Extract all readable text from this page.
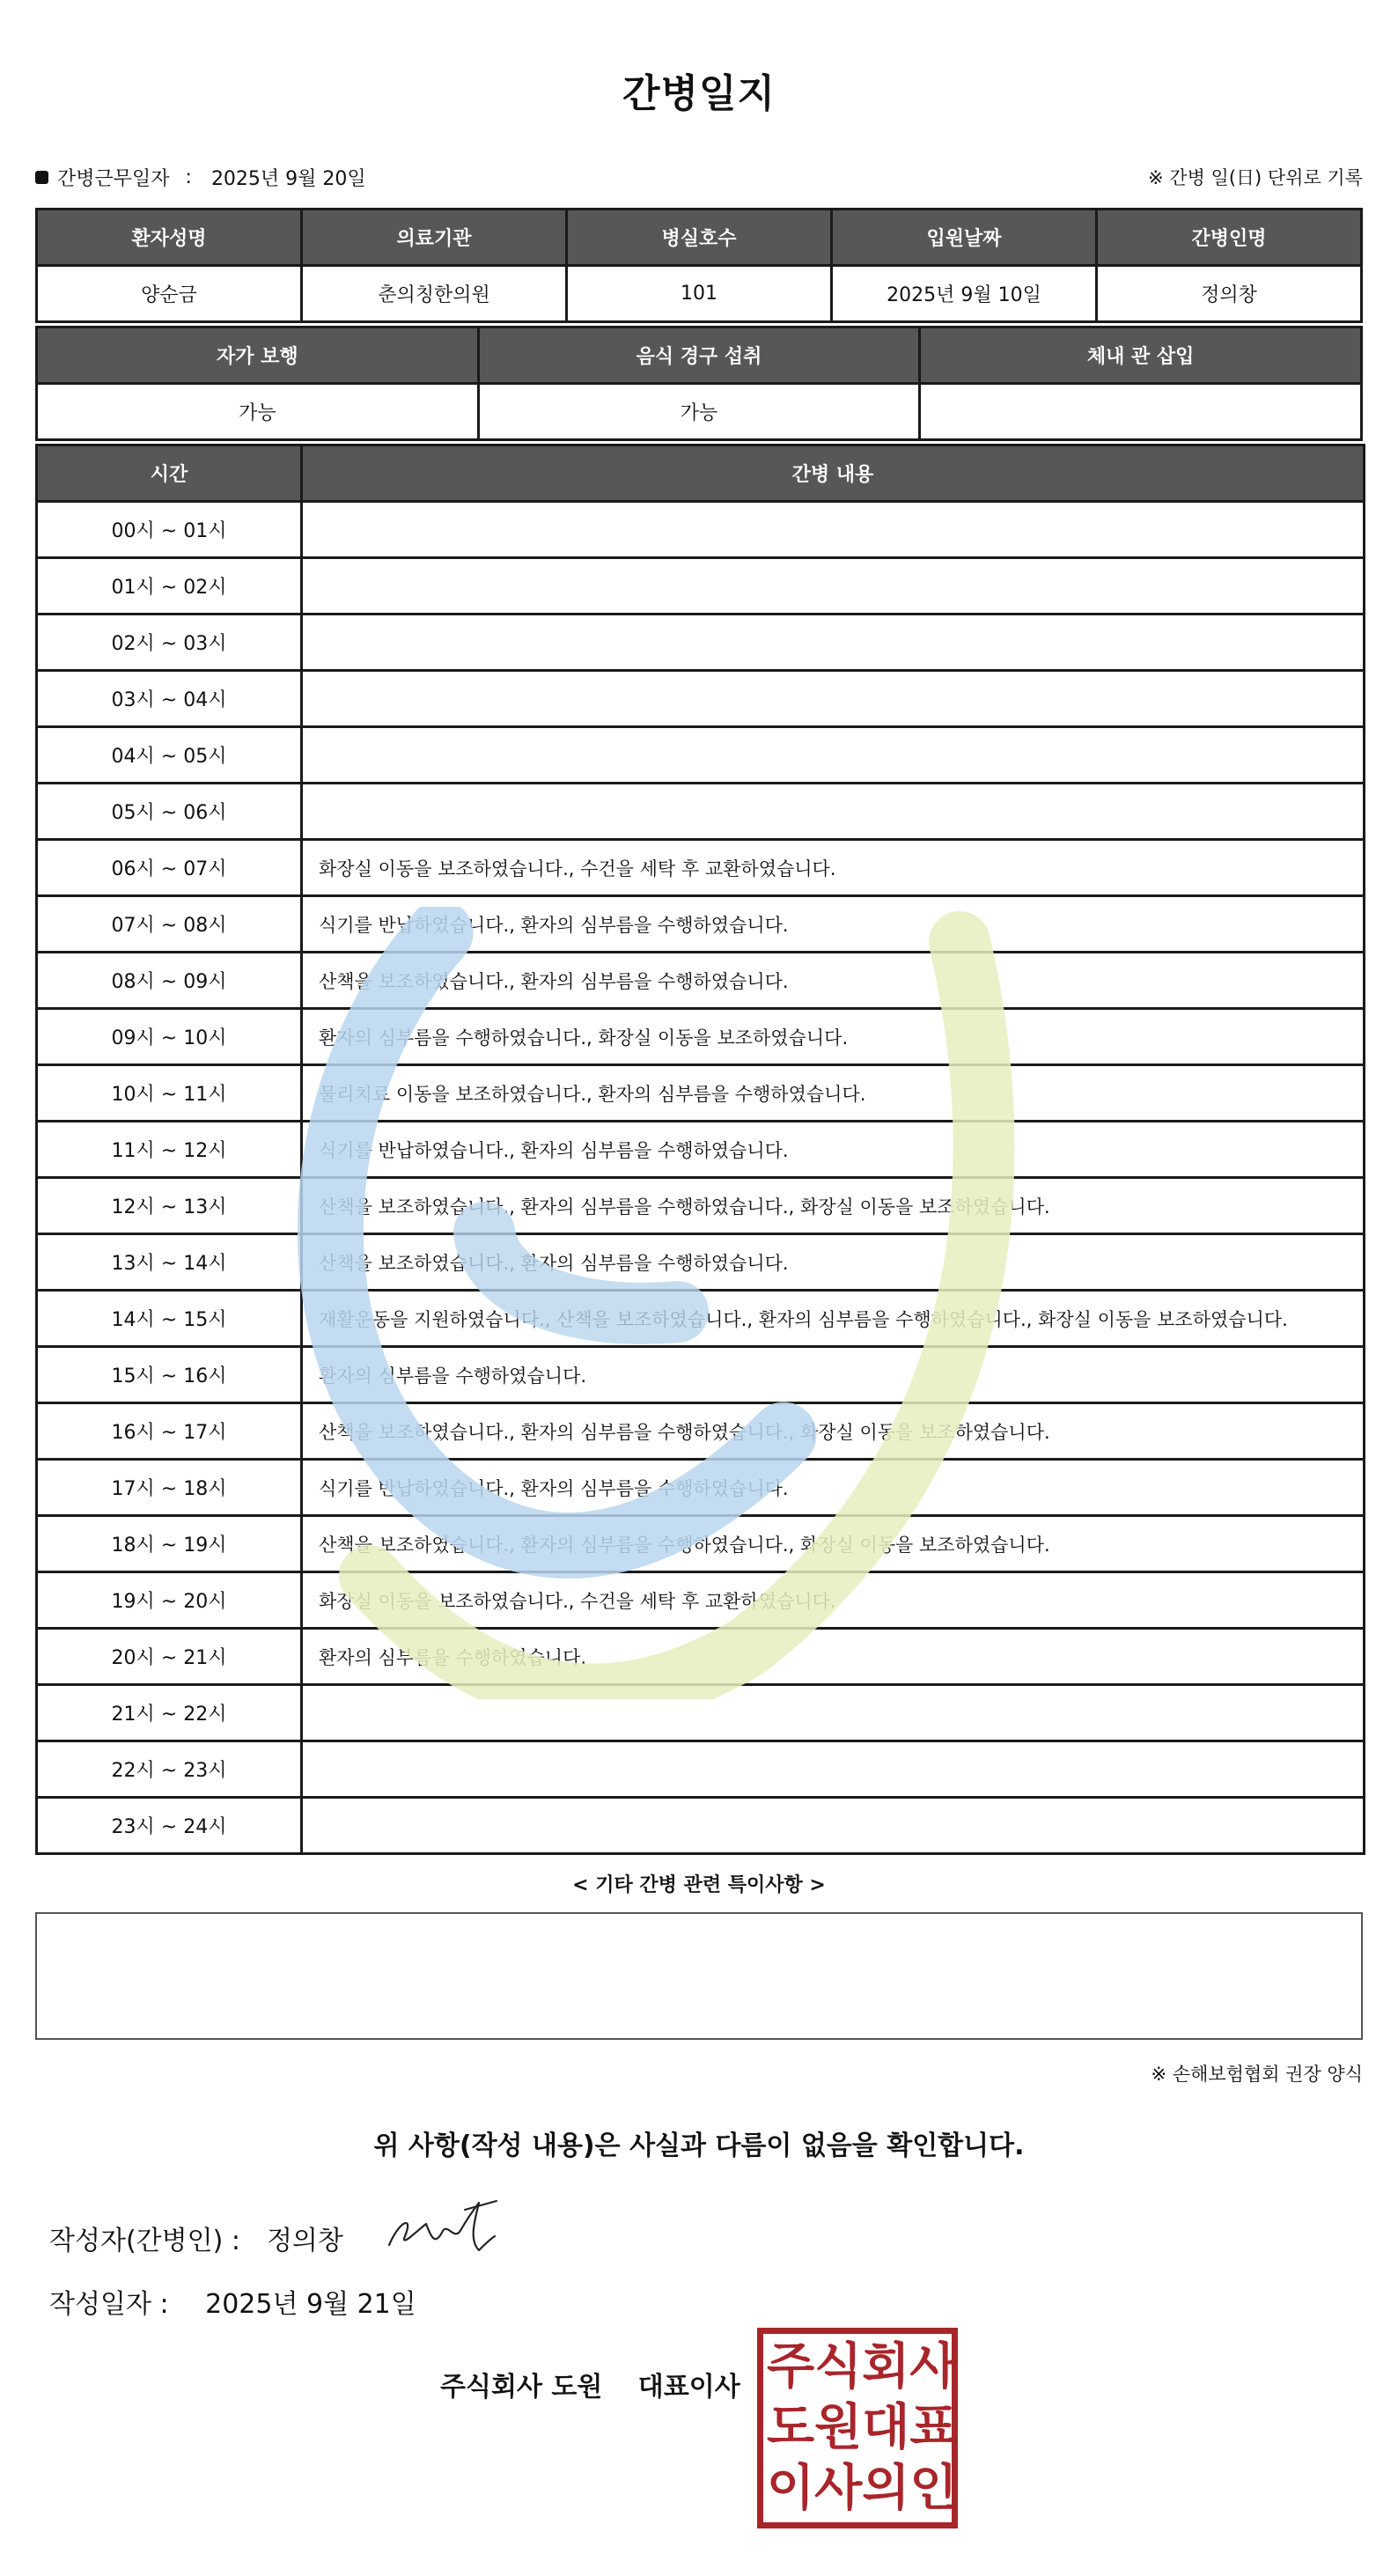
간병일지
간병근무일자 : 2025년 9월 20일	※ 간병 일(日) 단위로 기록
환자성명	의료기관	병실호수	입원날짜	간병인명
양순금	춘의칭한의원	101	2025년 9월 10일	정의창
자가 보행	음식 경구 섭취	체내 관 삽입
가능	가능	
시간	간병 내용
00시 ~ 01시	
01시 ~ 02시	
02시 ~ 03시	
03시 ~ 04시	
04시 ~ 05시	
05시 ~ 06시	
06시 ~ 07시	화장실 이동을 보조하였습니다., 수건을 세탁 후 교환하였습니다.
07시 ~ 08시	식기를 반납하였습니다., 환자의 심부름을 수행하였습니다.
08시 ~ 09시	산책을 보조하였습니다., 환자의 심부름을 수행하였습니다.
09시 ~ 10시	환자의 심부름을 수행하였습니다., 화장실 이동을 보조하였습니다.
10시 ~ 11시	물리치료 이동을 보조하였습니다., 환자의 심부름을 수행하였습니다.
11시 ~ 12시	식기를 반납하였습니다., 환자의 심부름을 수행하였습니다.
12시 ~ 13시	산책을 보조하였습니다., 환자의 심부름을 수행하였습니다., 화장실 이동을 보조하였습니다.
13시 ~ 14시	산책을 보조하였습니다., 환자의 심부름을 수행하였습니다.
14시 ~ 15시	재활운동을 지원하였습니다., 산책을 보조하였습니다., 환자의 심부름을 수행하였습니다., 화장실 이동을 보조하였습니다.
15시 ~ 16시	환자의 심부름을 수행하였습니다.
16시 ~ 17시	산책을 보조하였습니다., 환자의 심부름을 수행하였습니다., 화장실 이동을 보조하였습니다.
17시 ~ 18시	식기를 반납하였습니다., 환자의 심부름을 수행하였습니다.
18시 ~ 19시	산책을 보조하였습니다., 환자의 심부름을 수행하였습니다., 화장실 이동을 보조하였습니다.
19시 ~ 20시	화장실 이동을 보조하였습니다., 수건을 세탁 후 교환하였습니다.
20시 ~ 21시	환자의 심부름을 수행하였습니다.
21시 ~ 22시	
22시 ~ 23시	
23시 ~ 24시	
< 기타 간병 관련 특이사항 >
※ 손해보험협회 권장 양식
위 사항(작성 내용)은 사실과 다름이 없음을 확인합니다.
작성자(간병인) : 정의창
작성일자 : 2025년 9월 21일
주식회사 도원 대표이사 주 식 회 사
도 원 대 표
이 사 의 인
